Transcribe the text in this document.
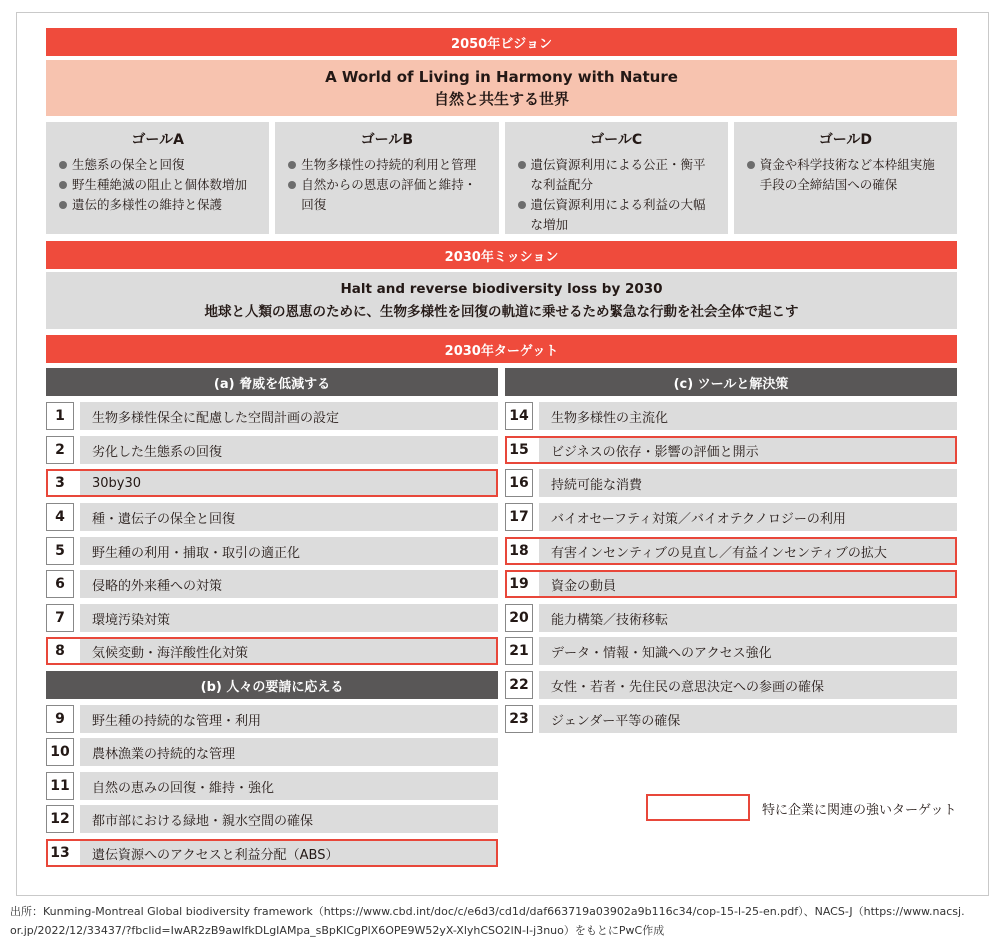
2050年ビジョン
A World of Living in Harmony with Nature
自然と共生する世界
ゴールA
生態系の保全と回復
野生種絶滅の阻止と個体数増加
遺伝的多様性の維持と保護
ゴールB
生物多様性の持続的利用と管理
自然からの恩恵の評価と維持・回復
ゴールC
遺伝資源利用による公正・衡平な利益配分
遺伝資源利用による利益の大幅な増加
ゴールD
資金や科学技術など本枠組実施手段の全締結国への確保
2030年ミッション
Halt and reverse biodiversity loss by 2030
地球と人類の恩恵のために、生物多様性を回復の軌道に乗せるため緊急な行動を社会全体で起こす
2030年ターゲット
(a) 脅威を低減する	(c) ツールと解決策
(b) 人々の要請に応える
1	生物多様性保全に配慮した空間計画の設定
2	劣化した生態系の回復
3	30by30
4	種・遺伝子の保全と回復
5	野生種の利用・捕取・取引の適正化
6	侵略的外来種への対策
7	環境汚染対策
8	気候変動・海洋酸性化対策
9	野生種の持続的な管理・利用
10	農林漁業の持続的な管理
11	自然の恵みの回復・維持・強化
12	都市部における緑地・親水空間の確保
13	遺伝資源へのアクセスと利益分配（ABS）
14	生物多様性の主流化
15	ビジネスの依存・影響の評価と開示
16	持続可能な消費
17	バイオセーフティ対策／バイオテクノロジーの利用
18	有害インセンティブの見直し／有益インセンティブの拡大
19	資金の動員
20	能力構築／技術移転
21	データ・情報・知識へのアクセス強化
22	女性・若者・先住民の意思決定への参画の確保
23	ジェンダー平等の確保
特に企業に関連の強いターゲット
出所：Kunming-Montreal Global biodiversity framework（https://www.cbd.int/doc/c/e6d3/cd1d/daf663719a03902a9b116c34/cop-15-l-25-en.pdf）、NACS-J（https://www.nacsj.
or.jp/2022/12/33437/?fbclid=IwAR2zB9awIfkDLgIAMpa_sBpKICgPlX6OPE9W52yX-XlyhCSO2lN-I-j3nuo）をもとにPwC作成
